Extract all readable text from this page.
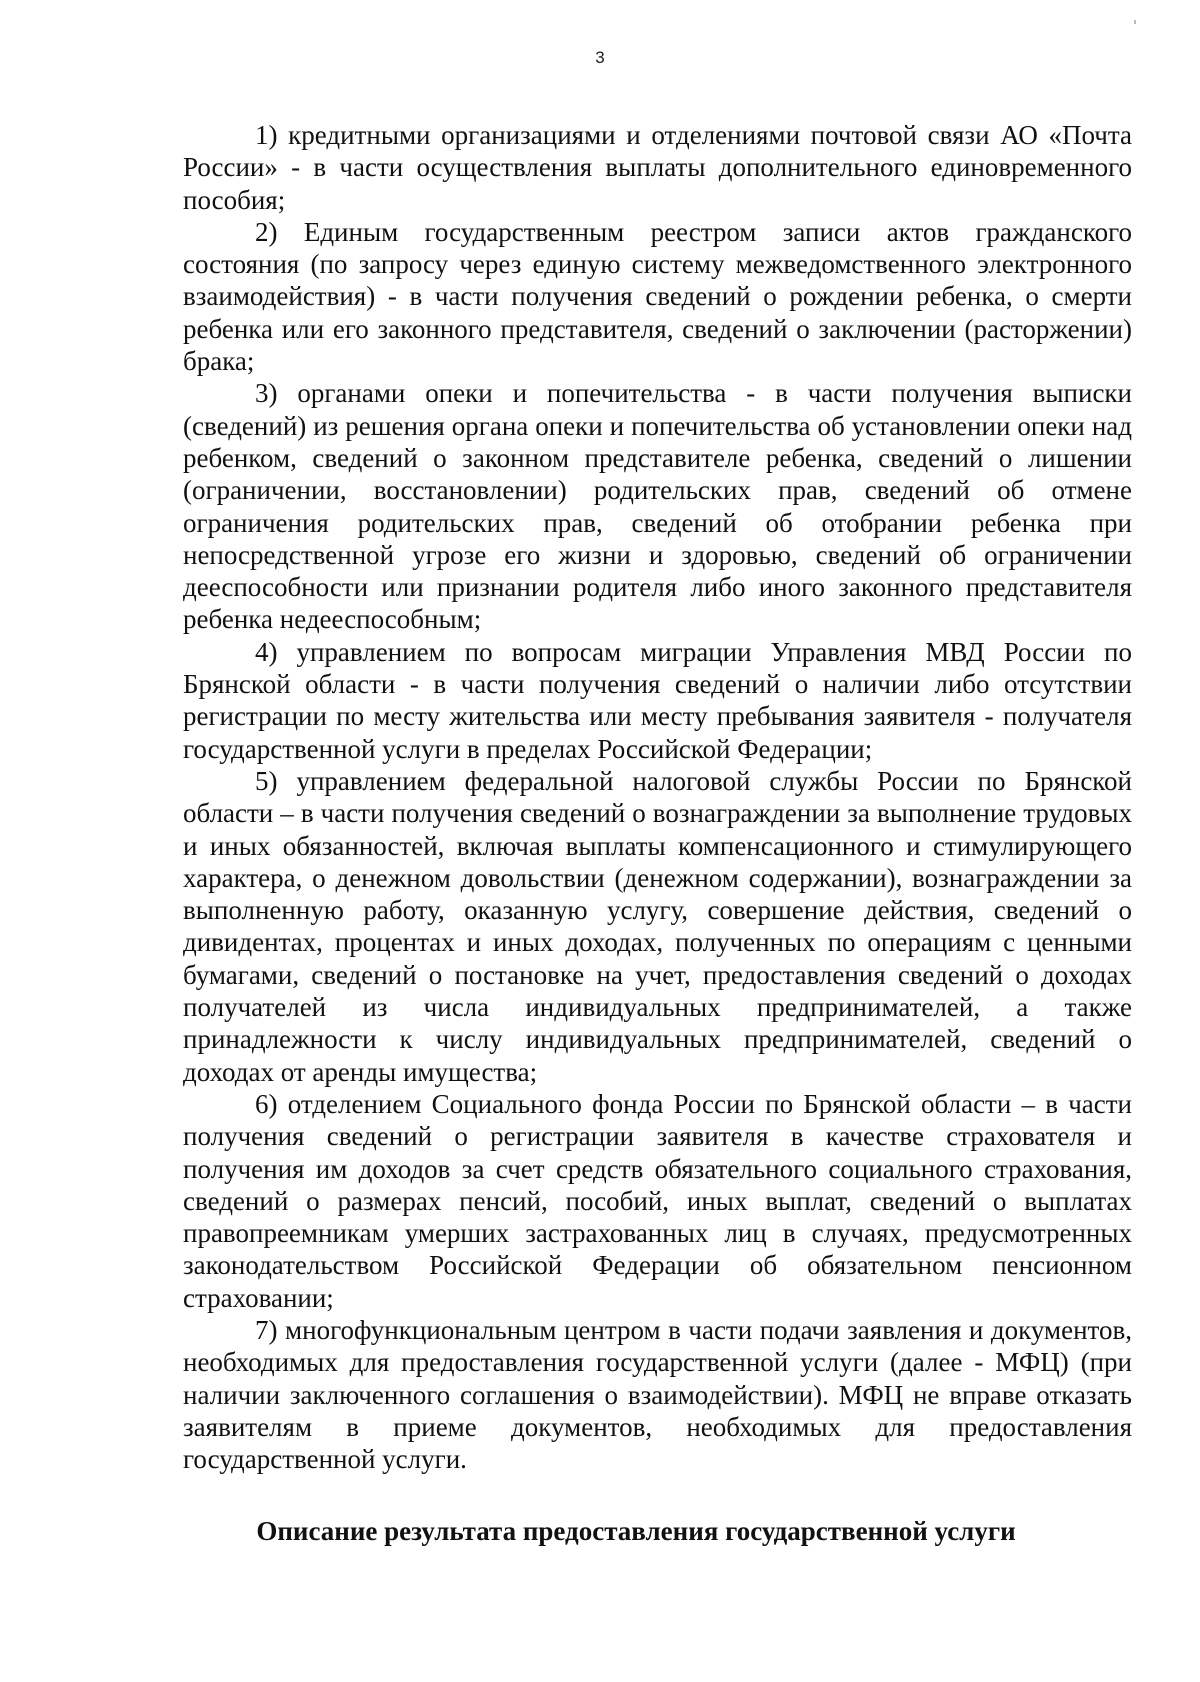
3

1) кредитными организациями и отделениями почтовой связи АО «Почта России» - в части осуществления выплаты дополнительного единовременного пособия;

2) Единым государственным реестром записи актов гражданского состояния (по запросу через единую систему межведомственного электронного взаимодействия) - в части получения сведений о рождении ребенка, о смерти ребенка или его законного представителя, сведений о заключении (расторжении) брака;

3) органами опеки и попечительства - в части получения выписки (сведений) из решения органа опеки и попечительства об установлении опеки над ребенком, сведений о законном представителе ребенка, сведений о лишении (ограничении, восстановлении) родительских прав, сведений об отмене ограничения родительских прав, сведений об отобрании ребенка при непосредственной угрозе его жизни и здоровью, сведений об ограничении дееспособности или признании родителя либо иного законного представителя ребенка недееспособным;

4) управлением по вопросам миграции Управления МВД России по Брянской области - в части получения сведений о наличии либо отсутствии регистрации по месту жительства или месту пребывания заявителя - получателя государственной услуги в пределах Российской Федерации;

5) управлением федеральной налоговой службы России по Брянской области – в части получения сведений о вознаграждении за выполнение трудовых и иных обязанностей, включая выплаты компенсационного и стимулирующего характера, о денежном довольствии (денежном содержании), вознаграждении за выполненную работу, оказанную услугу, совершение действия, сведений о дивидентах, процентах и иных доходах, полученных по операциям с ценными бумагами, сведений о постановке на учет, предоставления сведений о доходах получателей из числа индивидуальных предпринимателей, а также принадлежности к числу индивидуальных предпринимателей, сведений о доходах от аренды имущества;

6) отделением Социального фонда России по Брянской области – в части получения сведений о регистрации заявителя в качестве страхователя и получения им доходов за счет средств обязательного социального страхования, сведений о размерах пенсий, пособий, иных выплат, сведений о выплатах правопреемникам умерших застрахованных лиц в случаях, предусмотренных законодательством Российской Федерации об обязательном пенсионном страховании;

7) многофункциональным центром в части подачи заявления и документов, необходимых для предоставления государственной услуги (далее - МФЦ) (при наличии заключенного соглашения о взаимодействии). МФЦ не вправе отказать заявителям в приеме документов, необходимых для предоставления государственной услуги.

Описание результата предоставления государственной услуги
